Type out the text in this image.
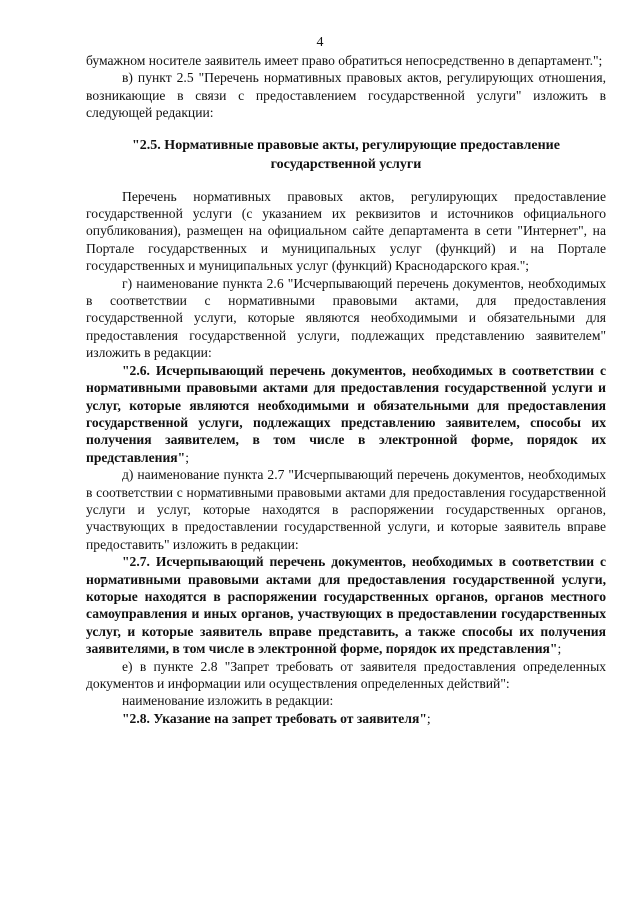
4

бумажном носителе заявитель имеет право обратиться непосредственно в департамент.";

в) пункт 2.5 "Перечень нормативных правовых актов, регулирующих отношения, возникающие в связи с предоставлением государственной услуги" изложить в следующей редакции:

"2.5. Нормативные правовые акты, регулирующие предоставление государственной услуги

Перечень нормативных правовых актов, регулирующих предоставление государственной услуги (с указанием их реквизитов и источников официального опубликования), размещен на официальном сайте департамента в сети "Интернет", на Портале государственных и муниципальных услуг (функций) и на Портале государственных и муниципальных услуг (функций) Краснодарского края.";

г) наименование пункта 2.6 "Исчерпывающий перечень документов, необходимых в соответствии с нормативными правовыми актами, для предоставления государственной услуги, которые являются необходимыми и обязательными для предоставления государственной услуги, подлежащих представлению заявителем" изложить в редакции:

"2.6. Исчерпывающий перечень документов, необходимых в соответствии с нормативными правовыми актами для предоставления государственной услуги и услуг, которые являются необходимыми и обязательными для предоставления государственной услуги, подлежащих представлению заявителем, способы их получения заявителем, в том числе в электронной форме, порядок их представления";

д) наименование пункта 2.7 "Исчерпывающий перечень документов, необходимых в соответствии с нормативными правовыми актами для предоставления государственной услуги и услуг, которые находятся в распоряжении государственных органов, участвующих в предоставлении государственной услуги, и которые заявитель вправе предоставить" изложить в редакции:

"2.7. Исчерпывающий перечень документов, необходимых в соответствии с нормативными правовыми актами для предоставления государственной услуги, которые находятся в распоряжении государственных органов, органов местного самоуправления и иных органов, участвующих в предоставлении государственных услуг, и которые заявитель вправе представить, а также способы их получения заявителями, в том числе в электронной форме, порядок их представления";

е) в пункте 2.8 "Запрет требовать от заявителя предоставления определенных документов и информации или осуществления определенных действий":

наименование изложить в редакции:

"2.8. Указание на запрет требовать от заявителя";
